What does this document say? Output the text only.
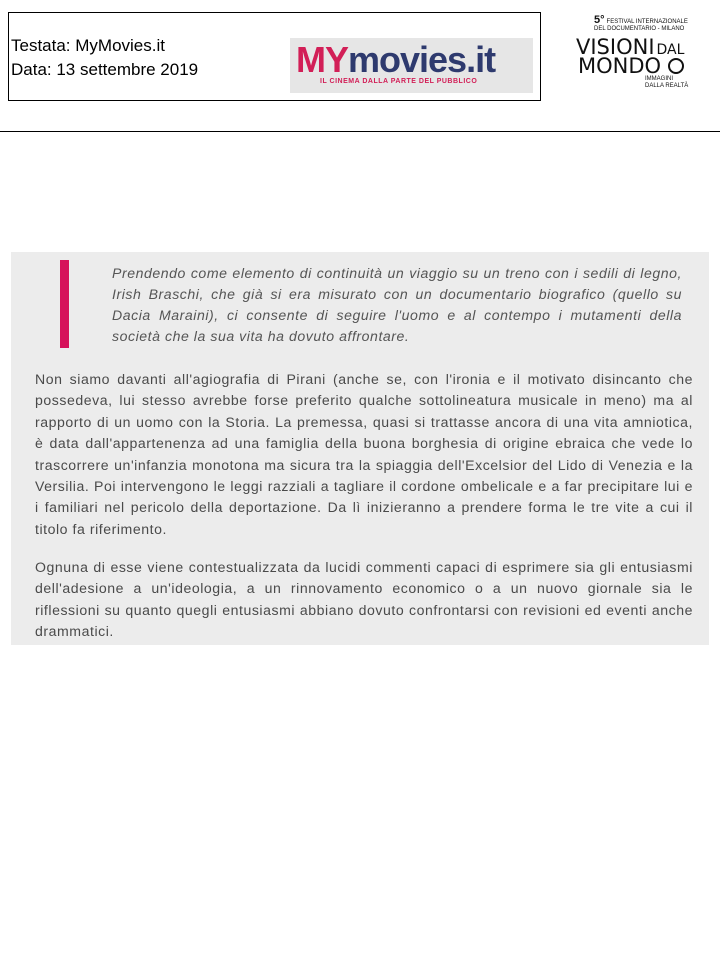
Testata: MyMovies.it
Data: 13 settembre 2019	MYmovies.it
IL CINEMA DALLA PARTE DEL PUBBLICO
5° FESTIVAL INTERNAZIONALE DEL DOCUMENTARIO - MILANO
VISIONI DAL
MONDO
IMMAGINI DALLA REALTÀ

Prendendo come elemento di continuità un viaggio su un treno con i sedili di legno, Irish Braschi, che già si era misurato con un documentario biografico (quello su Dacia Maraini), ci consente di seguire l'uomo e al contempo i mutamenti della società che la sua vita ha dovuto affrontare.

Non siamo davanti all'agiografia di Pirani (anche se, con l'ironia e il motivato disincanto che possedeva, lui stesso avrebbe forse preferito qualche sottolineatura musicale in meno) ma al rapporto di un uomo con la Storia. La premessa, quasi si trattasse ancora di una vita amniotica, è data dall'appartenenza ad una famiglia della buona borghesia di origine ebraica che vede lo trascorrere un'infanzia monotona ma sicura tra la spiaggia dell'Excelsior del Lido di Venezia e la Versilia. Poi intervengono le leggi razziali a tagliare il cordone ombelicale e a far precipitare lui e i familiari nel pericolo della deportazione. Da lì inizieranno a prendere forma le tre vite a cui il titolo fa riferimento.

Ognuna di esse viene contestualizzata da lucidi commenti capaci di esprimere sia gli entusiasmi dell'adesione a un'ideologia, a un rinnovamento economico o a un nuovo giornale sia le riflessioni su quanto quegli entusiasmi abbiano dovuto confrontarsi con revisioni ed eventi anche drammatici.
